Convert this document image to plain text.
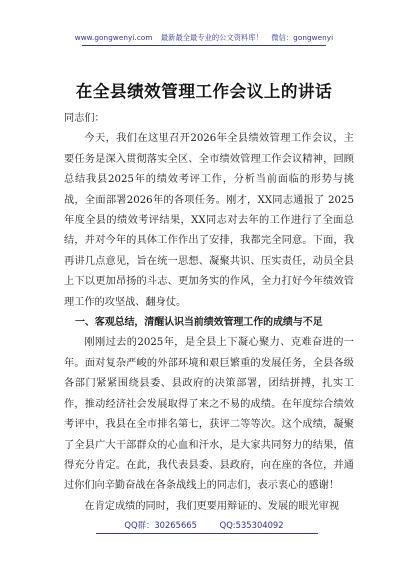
www.gongwenyi.com 最新最全最专业的公文资料库！ 微信：gongwenyi
在全县绩效管理工作会议上的讲话

同志们：

今天，我们在这里召开2026年全县绩效管理工作会议，主要任务是深入贯彻落实全区、全市绩效管理工作会议精神，回顾总结我县2025年的绩效考评工作，分析当前面临的形势与挑战，全面部署2026年的各项任务。刚才，XX同志通报了 2025年度全县的绩效考评结果，XX同志对去年的工作进行了全面总结，并对今年的具体工作作出了安排，我都完全同意。下面，我再讲几点意见，旨在统一思想、凝聚共识、压实责任，动员全县上下以更加昂扬的斗志、更加务实的作风，全力打好今年绩效管理工作的攻坚战、翻身仗。

一、客观总结，清醒认识当前绩效管理工作的成绩与不足

刚刚过去的2025年，是全县上下凝心聚力、克难奋进的一年。面对复杂严峻的外部环境和艰巨繁重的发展任务，全县各级各部门紧紧围绕县委、县政府的决策部署，团结拼搏，扎实工作，推动经济社会发展取得了来之不易的成绩。在年度综合绩效考评中，我县在全市排名第七，获评二等等次。这个成绩，凝聚了全县广大干部群众的心血和汗水，是大家共同努力的结果，值得充分肯定。在此，我代表县委、县政府，向在座的各位，并通过你们向辛勤奋战在各条战线上的同志们，表示衷心的感谢！

在肯定成绩的同时，我们更要用辩证的、发展的眼光审视

QQ群：30265665	QQ:535304092
